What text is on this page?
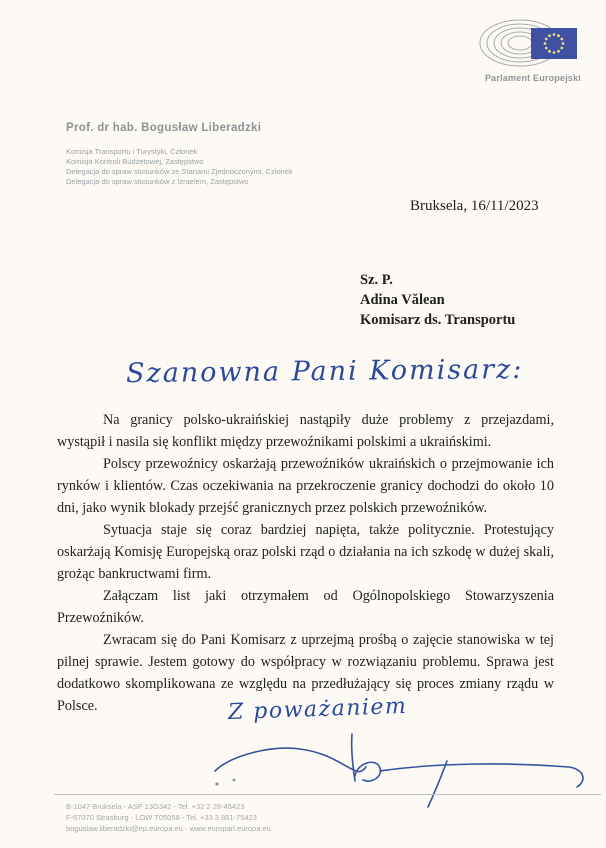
Parlament Europejski
Prof. dr hab. Bogusław Liberadzki
Komisja Transportu i Turystyki, Członek
Komisja Kontroli Budżetowej, Zastępstwo
Delegacja do spraw stosunków ze Stanami Zjednoczonymi, Członek
Delegacja do spraw stosunków z Izraelem, Zastępstwo
Bruksela, 16/11/2023
Sz. P.
Adina Vălean
Komisarz ds. Transportu
Szanowna Pani Komisarz:

Na granicy polsko-ukraińskiej nastąpiły duże problemy z przejazdami, wystąpił i nasila się konflikt między przewoźnikami polskimi a ukraińskimi.

Polscy przewoźnicy oskarżają przewoźników ukraińskich o przejmowanie ich rynków i klientów. Czas oczekiwania na przekroczenie granicy dochodzi do około 10 dni, jako wynik blokady przejść granicznych przez polskich przewoźników.

Sytuacja staje się coraz bardziej napięta, także politycznie. Protestujący oskarżają Komisję Europejską oraz polski rząd o działania na ich szkodę w dużej skali, grożąc bankructwami firm.

Załączam list jaki otrzymałem od Ogólnopolskiego Stowarzyszenia Przewoźników.

Zwracam się do Pani Komisarz z uprzejmą prośbą o zajęcie stanowiska w tej pilnej sprawie. Jestem gotowy do współpracy w rozwiązaniu problemu. Sprawa jest dodatkowo skomplikowana ze względu na przedłużający się proces zmiany rządu w Polsce.	Z poważaniem
B-1047 Bruksela - ASP 13G342 - Tel. +32 2 28-45423
F-67070 Strasburg - LOW T05058 - Tel. +33 3 881-75423
boguslaw.liberadzki@ep.europa.eu - www.europarl.europa.eu
